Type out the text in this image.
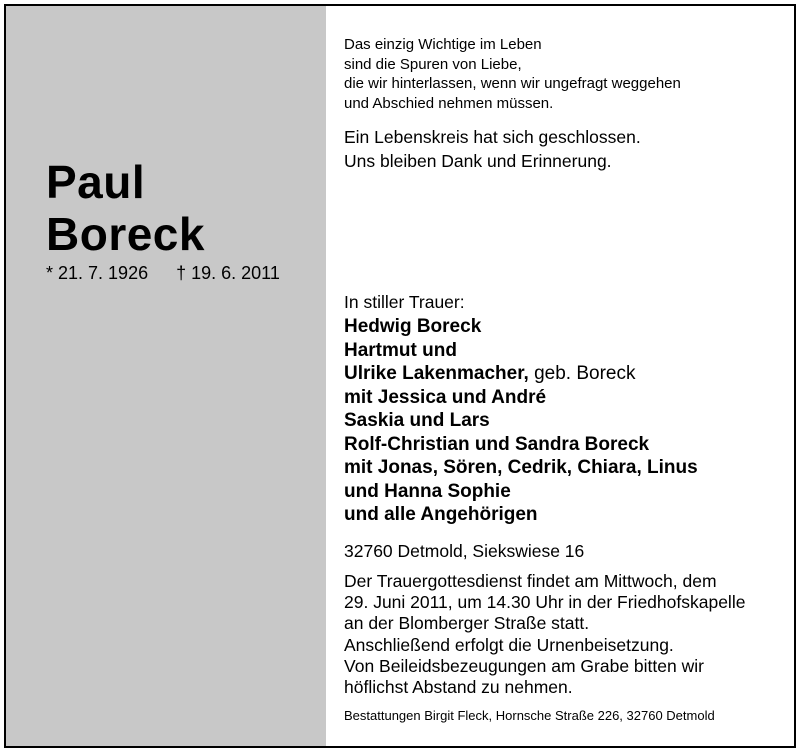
Paul
Boreck
* 21. 7. 1926 † 19. 6. 2011
Das einzig Wichtige im Leben
sind die Spuren von Liebe,
die wir hinterlassen, wenn wir ungefragt weggehen
und Abschied nehmen müssen.
Ein Lebenskreis hat sich geschlossen.
Uns bleiben Dank und Erinnerung.
In stiller Trauer:
Hedwig Boreck
Hartmut und
Ulrike Lakenmacher, geb. Boreck
mit Jessica und André
Saskia und Lars
Rolf-Christian und Sandra Boreck
mit Jonas, Sören, Cedrik, Chiara, Linus
und Hanna Sophie
und alle Angehörigen
32760 Detmold, Siekswiese 16
Der Trauergottesdienst findet am Mittwoch, dem
29. Juni 2011, um 14.30 Uhr in der Friedhofskapelle
an der Blomberger Straße statt.
Anschließend erfolgt die Urnenbeisetzung.
Von Beileidsbezeugungen am Grabe bitten wir
höflichst Abstand zu nehmen.
Bestattungen Birgit Fleck, Hornsche Straße 226, 32760 Detmold
